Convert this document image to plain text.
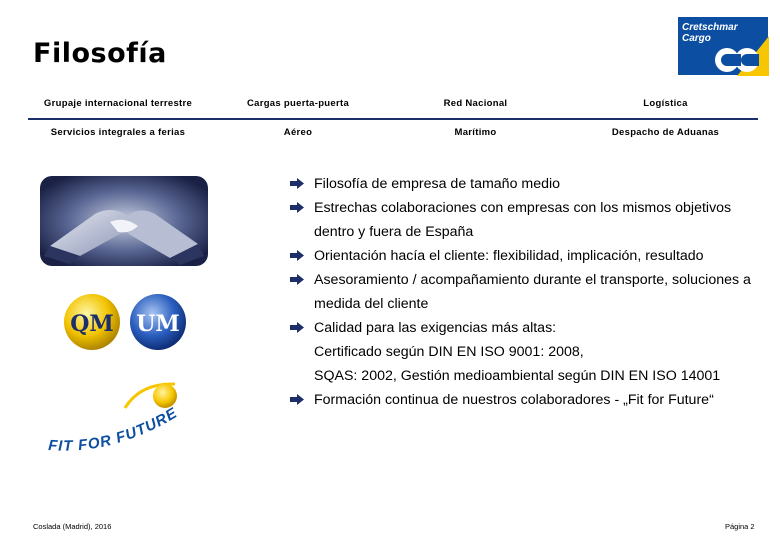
Filosofía
Cretschmar
Cargo
Grupaje internacional terrestre	Cargas puerta-puerta	Red Nacional	Logística
Servicios integrales a ferias	Aéreo	Marítimo	Despacho de Aduanas
QM UM
FIT FOR FUTURE
Filosofía de empresa de tamaño medio
Estrechas colaboraciones con empresas con los mismos objetivos dentro y fuera de España
Orientación hacía el cliente: flexibilidad, implicación, resultado
Asesoramiento / acompañamiento durante el transporte, soluciones a medida del cliente
Calidad para las exigencias más altas:
Certificado según DIN EN ISO 9001: 2008,
SQAS: 2002, Gestión medioambiental según DIN EN ISO 14001
Formación continua de nuestros colaboradores - „Fit for Future“
Coslada (Madrid), 2016	Página 2
